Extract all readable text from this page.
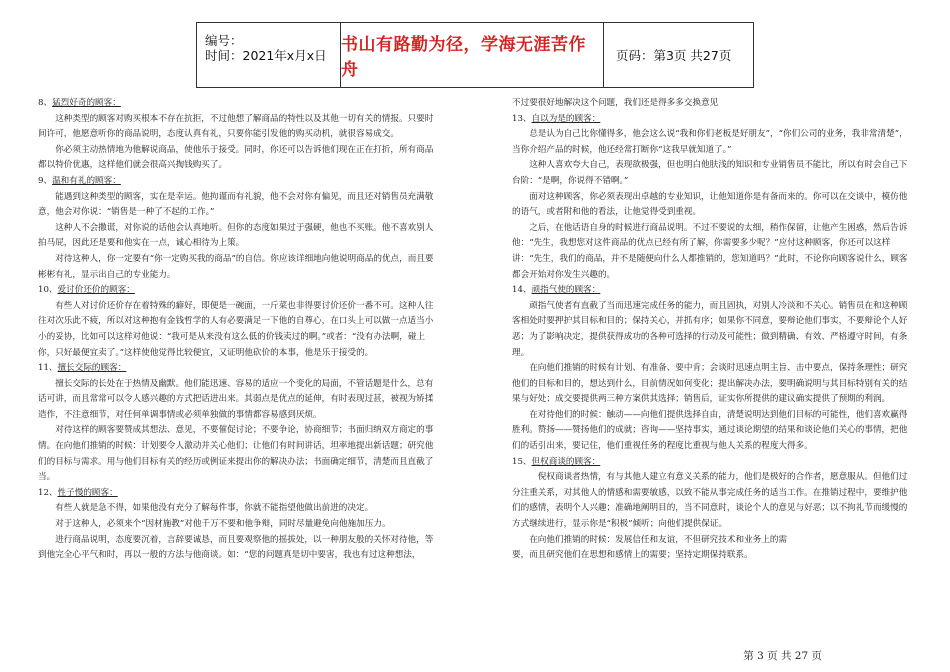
编号：
时间：2021年x月x日
书山有路勤为径，学海无涯苦作舟
页码：第3页 共27页

8、猛烈好奇的顾客：

这种类型的顾客对购买根本不存在抗拒，不过他想了解商品的特性以及其他一切有关的情报。只要时间许可，他愿意听你的商品说明，态度认真有礼，只要你能引发他的购买动机，就很容易成交。

你必须主动热情地为他解说商品，使他乐于接受。同时，你还可以告诉他们现在正在打折，所有商品都以特价优惠，这样他们就会很高兴掏钱购买了。

9、温和有礼的顾客：

能遇到这种类型的顾客，实在是幸运。他拘谨而有礼貌，他不会对你有偏见，而且还对销售员充满敬意，他会对你说：“销售是一种了不起的工作。”

这种人不会撒谎，对你说的话他会认真地听。但你的态度如果过于强硬，他也不买账。他不喜欢别人拍马屁，因此还是要和他实在一点，诚心相待为上策。

对待这种人，你一定要有“你一定购买我的商品”的自信。你应该详细地向他说明商品的优点，而且要彬彬有礼，显示出自己的专业能力。

10、爱讨价还价的顾客：

有些人对讨价还价存在着特殊的癖好，即便是一碗面，一斤菜也非得要讨价还价一番不可。这种人往往对次乐此不疲，所以对这种抱有金钱哲学的人有必要满足一下他的自尊心，在口头上可以做一点适当小小的妥协，比如可以这样对他说：“我可是从来没有这么低的价钱卖过的啊。”或者：“没有办法啊，碰上你，只好最便宜卖了。”这样使他觉得比较便宜，又证明他砍价的本事，他是乐于接受的。

11、擅长交际的顾客：

擅长交际的长处在于热情及幽默。他们能迅速、容易的适应一个变化的局面，不管话题是什么，总有话可讲，而且常常可以令人感兴趣的方式把话进出来。其弱点是优点的延伸，有时表现过甚，被视为矫揉造作，不注意细节，对任何单调事情或必须单独做的事情都容易感到厌烦。

对待这样的顾客要赞成其想法、意见，不要催促讨论；不要争论，协商细节；书面归纳双方商定的事情。在向他们推销的时候：计划要令人激动并关心他们；让他们有时间讲话，坦率地提出新话题；研究他们的目标与需求。用与他们目标有关的经历或例证来提出你的解决办法；书面确定细节，清楚而且直截了当。

12、性子慢的顾客：

有些人就是急不得，如果他没有充分了解每件事，你就不能指望他做出前进的决定。

对于这种人，必须来个“因材施教”对他千万不要和他争辩，同时尽量避免向他施加压力。

进行商品说明，态度要沉着，言辞要诚恳，而且要观察他的摇拔处，以一种朋友般的关怀对待他，等到他完全心平气和时，再以一般的方法与他商谈。如：“您的问题真是切中要害，我也有过这种想法，

不过要很好地解决这个问题，我们还是得多多交换意见

13、自以为是的顾客：

总是认为自己比你懂得多，他会这么说“我和你们老板是好朋友”，“你们公司的业务，我非常清楚”，当你介绍产品的时候，他还经常打断你“这我早就知道了。”

这种人喜欢夸大自己，表现欲极强，但也明白他肤浅的知识和专业销售员不能比，所以有时会自己下台阶：“是啊，你说得不错啊。”

面对这种顾客，你必须表现出卓越的专业知识，让他知道你是有备而来的。你可以在交谈中，模仿他的语气，或者附和他的看法，让他觉得受到重视。

之后，在他话语自身的时候进行商品说明。不过不要说的太细，稍作保留，让他产生困惑，然后告诉他：“先生，我想您对这件商品的优点已经有所了解，你需要多少呢？”应付这种顾客，你还可以这样讲：“先生，我们的商品，并不是随便向什么人都推销的，您知道吗？”此时，不论你向顾客说什么，顾客都会开始对你发生兴趣的。

14、顽指气使的顾客：

顽指气使者有直截了当而迅速完成任务的能力，而且固执，对别人冷淡和不关心。销售员在和这种顾客相处时要押护其目标和目的；保持关心，并抓有序；如果你不同意，要辩论他们事实，不要辩论个人好恶；为了影响决定，提供获得成功的各种可选择的行动及可能性；做到精确、有效、严格遵守时间，有条理。

在向他们推销的时候有计划、有准备、要中肯；会谈时迅速点明主旨、击中要点，保持条理性；研究他们的目标和目的，想达到什么，目前情况如何变化；提出解决办法，要明确说明与其目标特别有关的结果与好处；成交要提供两三种方案供其选择；销售后，证实你所提供的建议确实提供了预期的利润。

在对待他们的时候：触动——向他们提供选择自由，清楚说明达到他们目标的可能性，他们喜欢赢得胜利。赞扬——赞扬他们的成就；咨询——坚持事实，通过谈论期望的结果和谈论他们关心的事情，把他们的话引出来，要记住，他们重视任务的程度比重视与他人关系的程度大得多。

15、但权商谈的顾客：

倪权商谈者热情，有与其他人建立有意义关系的能力，他们是极好的合作者，愿意服从。但他们过分注重关系，对其他人的情感和需要敏感，以致不能从事完成任务的适当工作。在推销过程中，要维护他们的感情，表明个人兴趣；准确地阐明目的，当不同意时，谈论个人的意见与好恶；以不拘礼节而缓慢的方式继续进行，显示你是“积极”倾听；向他们提供保证。

在向他们推销的时候：发展信任和友谊，不但研究技术和业务上的需

要，而且研究他们在思想和感情上的需要；坚持定期保持联系。

第 3 页 共 27 页
